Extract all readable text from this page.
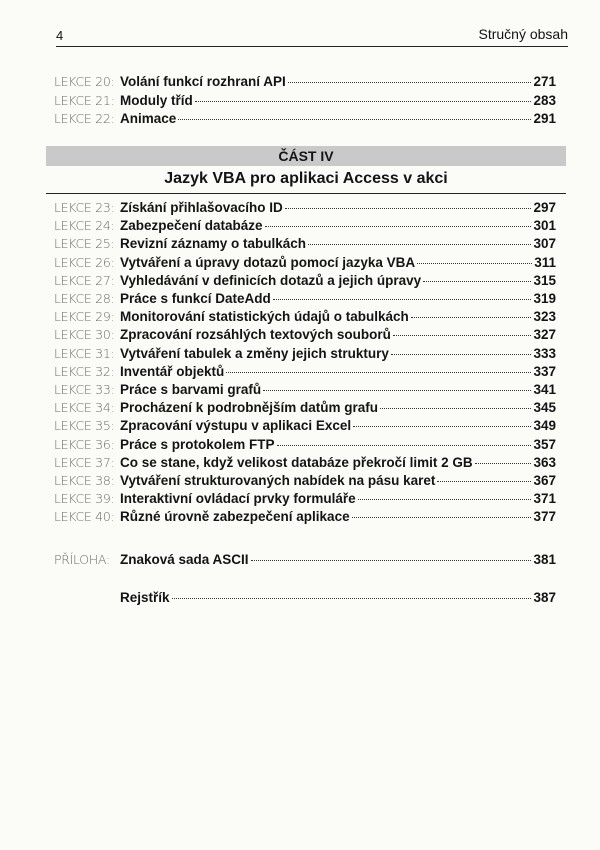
4	Stručný obsah
LEKCE 20: Volání funkcí rozhraní API	271
LEKCE 21: Moduly tříd	283
LEKCE 22: Animace	291
ČÁST IV
Jazyk VBA pro aplikaci Access v akci
LEKCE 23: Získání přihlašovacího ID	297
LEKCE 24: Zabezpečení databáze	301
LEKCE 25: Revizní záznamy o tabulkách	307
LEKCE 26: Vytváření a úpravy dotazů pomocí jazyka VBA	311
LEKCE 27: Vyhledávání v definicích dotazů a jejich úpravy	315
LEKCE 28: Práce s funkcí DateAdd	319
LEKCE 29: Monitorování statistických údajů o tabulkách	323
LEKCE 30: Zpracování rozsáhlých textových souborů	327
LEKCE 31: Vytváření tabulek a změny jejich struktury	333
LEKCE 32: Inventář objektů	337
LEKCE 33: Práce s barvami grafů	341
LEKCE 34: Procházení k podrobnějším datům grafu	345
LEKCE 35: Zpracování výstupu v aplikaci Excel	349
LEKCE 36: Práce s protokolem FTP	357
LEKCE 37: Co se stane, když velikost databáze překročí limit 2 GB	363
LEKCE 38: Vytváření strukturovaných nabídek na pásu karet	367
LEKCE 39: Interaktivní ovládací prvky formuláře	371
LEKCE 40: Různé úrovně zabezpečení aplikace	377
PŘÍLOHA: Znaková sada ASCII	381
Rejstřík	387
